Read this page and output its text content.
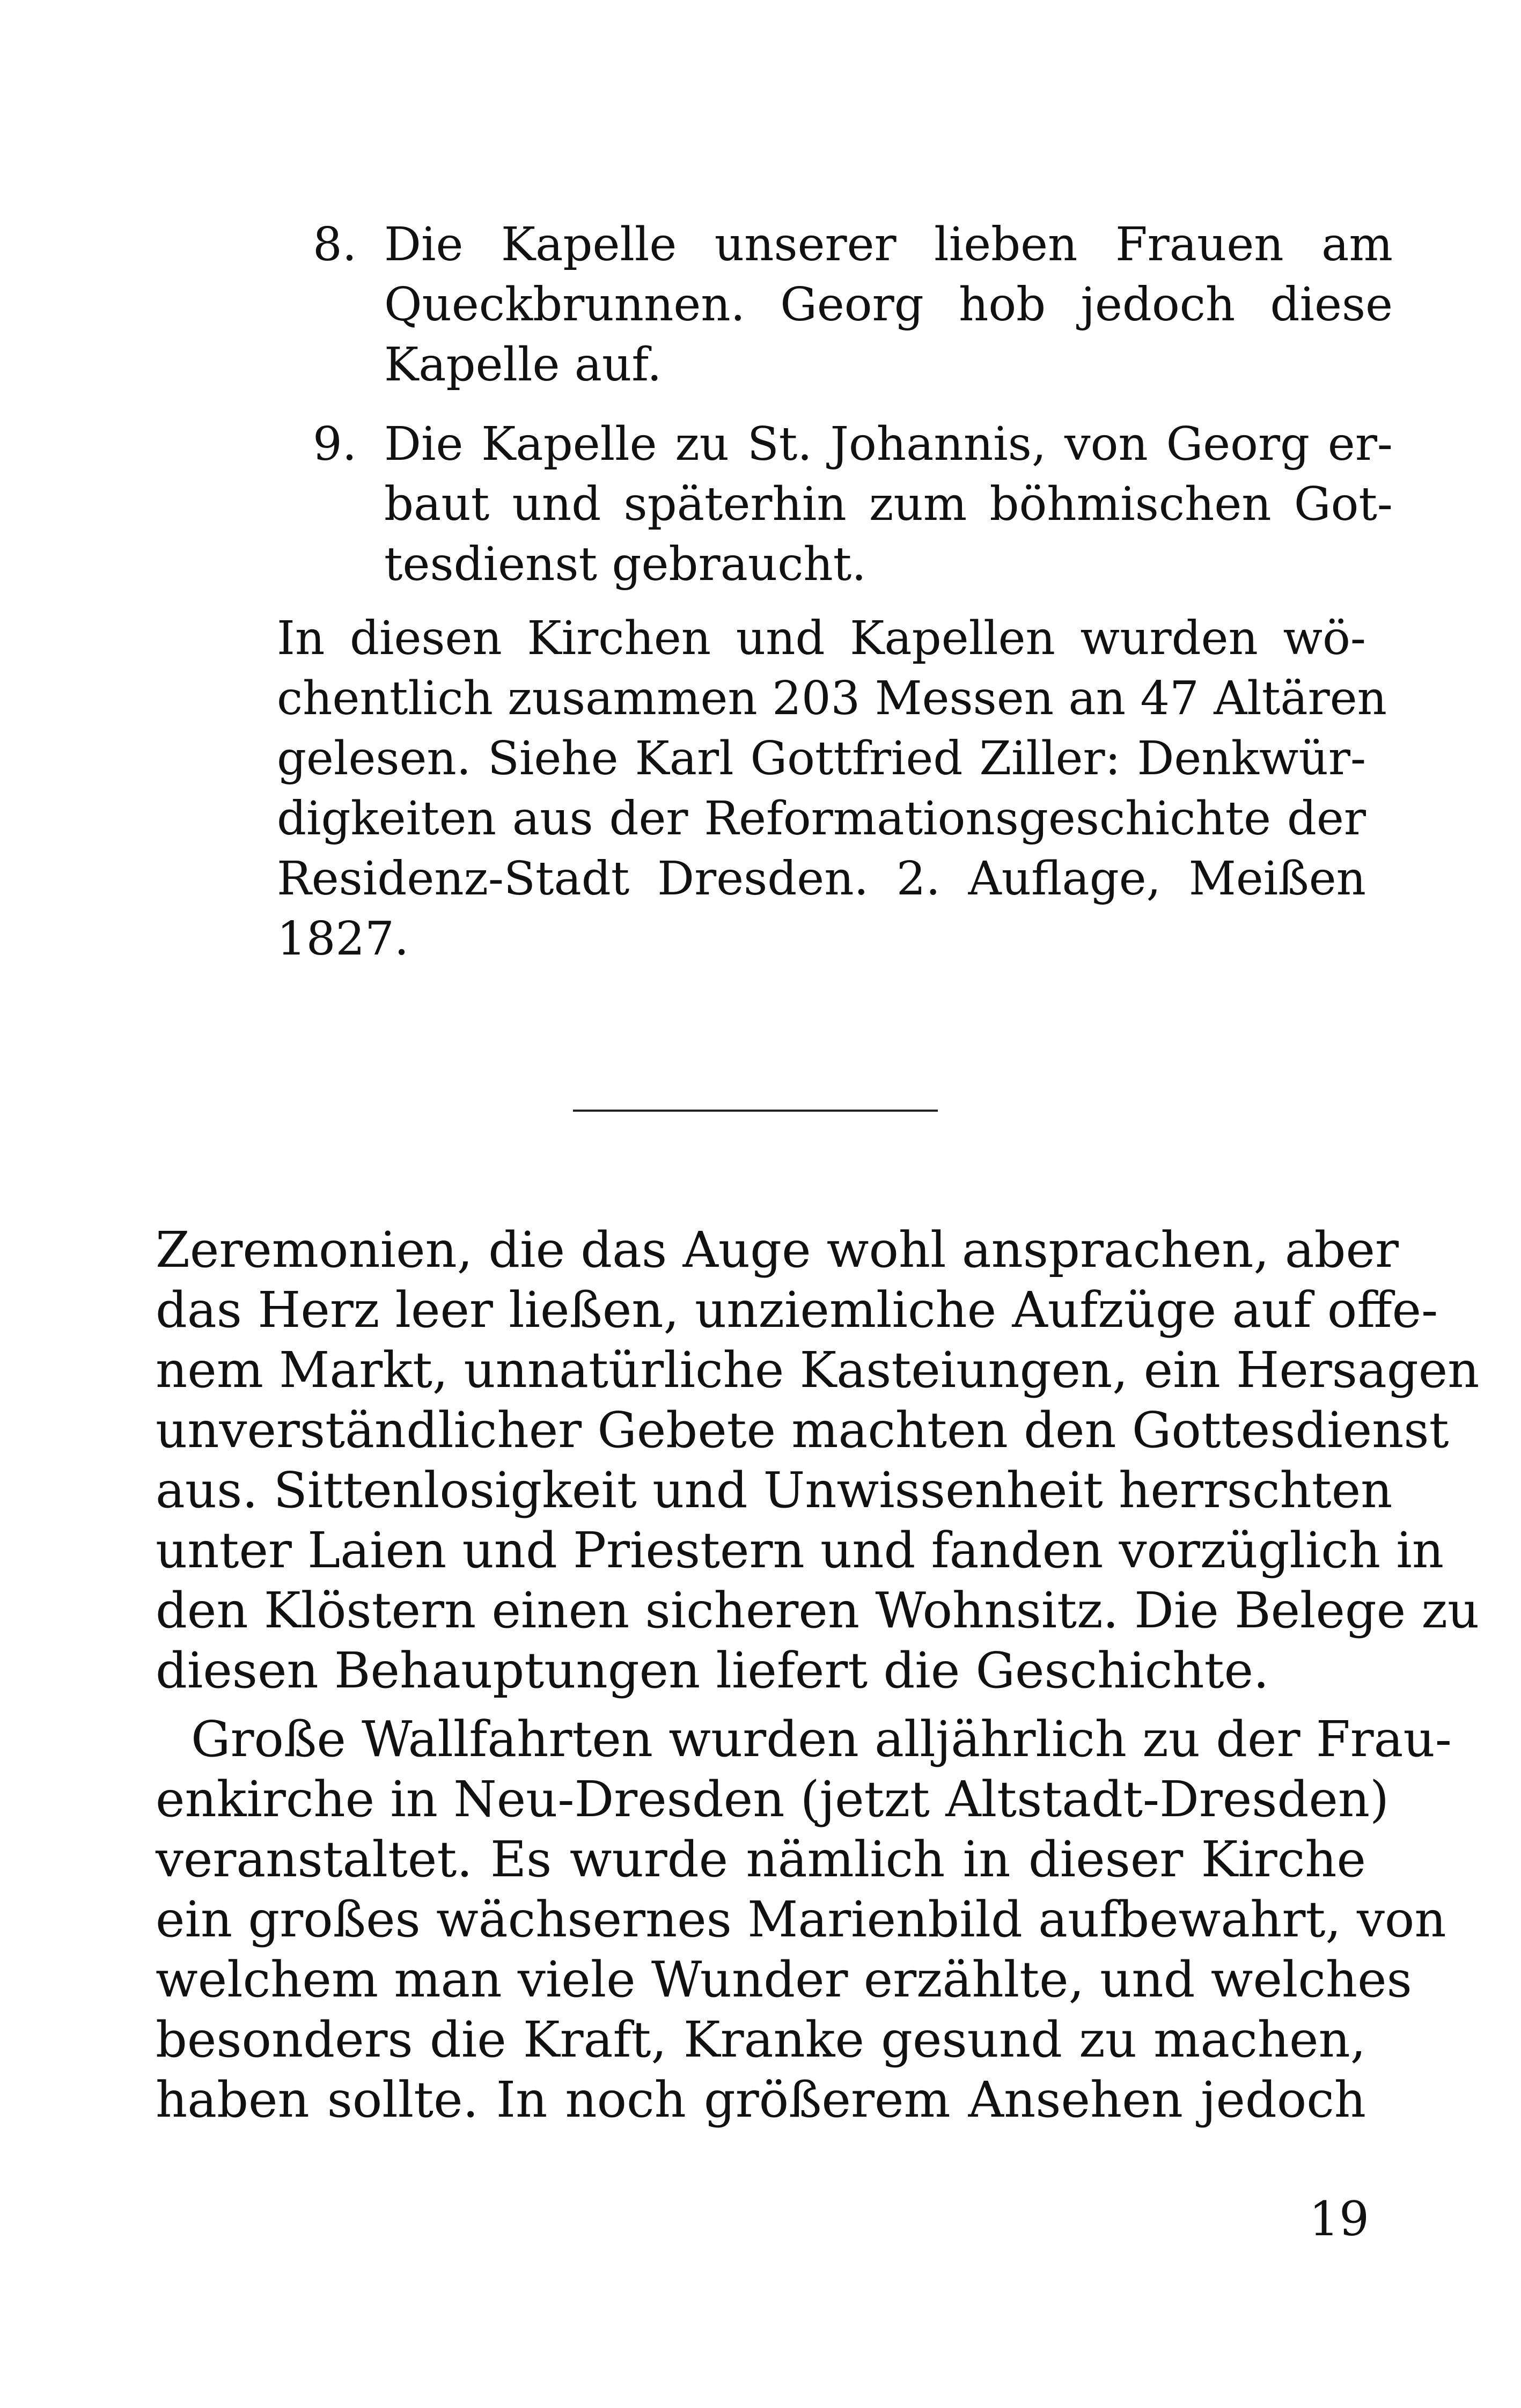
8. Die Kapelle unserer lieben Frauen am
Queckbrunnen. Georg hob jedoch diese
Kapelle auf.
9. Die Kapelle zu St. Johannis, von Georg er-
baut und späterhin zum böhmischen Got-
tesdienst gebraucht.
In diesen Kirchen und Kapellen wurden wö-
chentlich zusammen 203 Messen an 47 Altären
gelesen. Siehe Karl Gottfried Ziller: Denkwür-
digkeiten aus der Reformationsgeschichte der
Residenz-Stadt Dresden. 2. Auflage, Meißen
1827.
Zeremonien, die das Auge wohl ansprachen, aber
das Herz leer ließen, unziemliche Aufzüge auf offe-
nem Markt, unnatürliche Kasteiungen, ein Hersagen
unverständlicher Gebete machten den Gottesdienst
aus. Sittenlosigkeit und Unwissenheit herrschten
unter Laien und Priestern und fanden vorzüglich in
den Klöstern einen sicheren Wohnsitz. Die Belege zu
diesen Behauptungen liefert die Geschichte.
Große Wallfahrten wurden alljährlich zu der Frau-
enkirche in Neu-Dresden (jetzt Altstadt-Dresden)
veranstaltet. Es wurde nämlich in dieser Kirche
ein großes wächsernes Marienbild aufbewahrt, von
welchem man viele Wunder erzählte, und welches
besonders die Kraft, Kranke gesund zu machen,
haben sollte. In noch größerem Ansehen jedoch
19
